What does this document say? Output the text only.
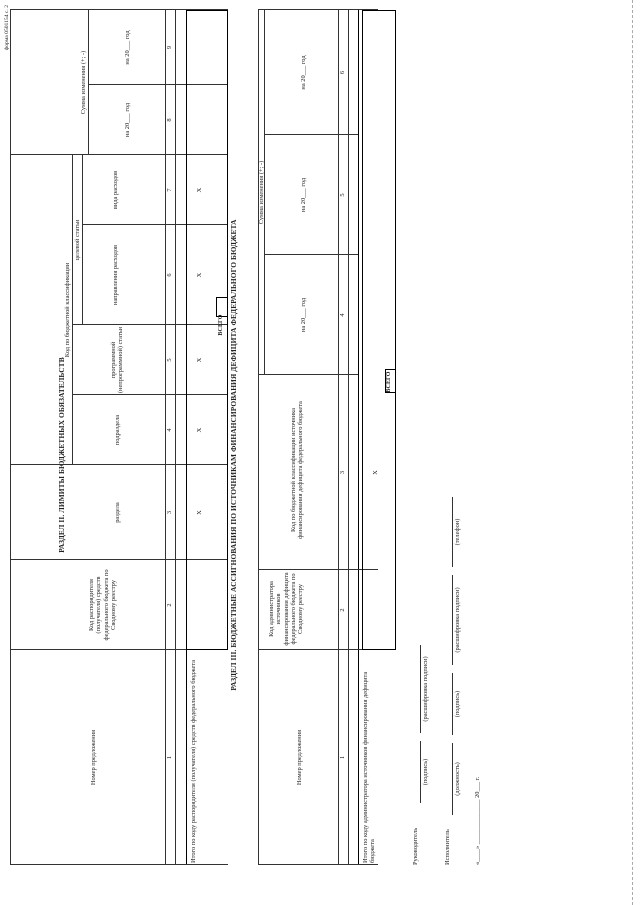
форма 0501154 с. 2
РАЗДЕЛ II. ЛИМИТЫ БЮДЖЕТНЫХ ОБЯЗАТЕЛЬСТВ
Номер предложения
Код распорядителя (получателя) средств федерального бюджета по Сводному реестру
Код по бюджетной классификации
раздела
подраздела
целевой статьи
программной (непрограммной) статьи
направления расходов
вида расходов
Сумма изменения (+; -)
на 20___ год
на 20___ год
1
2
3
4
5
6
7
8
9
Итого по коду распорядителя (получателя) средств федерального бюджета
X
X
X
X
X
ВСЕГО РАЗДЕЛ III. БЮДЖЕТНЫЕ АССИГНОВАНИЯ ПО ИСТОЧНИКАМ ФИНАНСИРОВАНИЯ ДЕФИЦИТА ФЕДЕРАЛЬНОГО БЮДЖЕТА
Номер предложения
Код администратора источников финансирования дефицита федерального бюджета по Сводному реестру
Код по бюджетной классификации источника финансирования дефицита федерального бюджета
Сумма изменения (+; -)
на 20___ год
на 20___ год
на 20___ год
1
2
3
4
5
6
Итого по коду администратора источников финансирования дефицита бюджета
X
ВСЕГО
Руководитель
(подпись)
(расшифровка подписи)
Исполнитель
(должность)
(подпись)
(расшифровка подписи)
(телефон)
«____» ______________ 20___ г.
